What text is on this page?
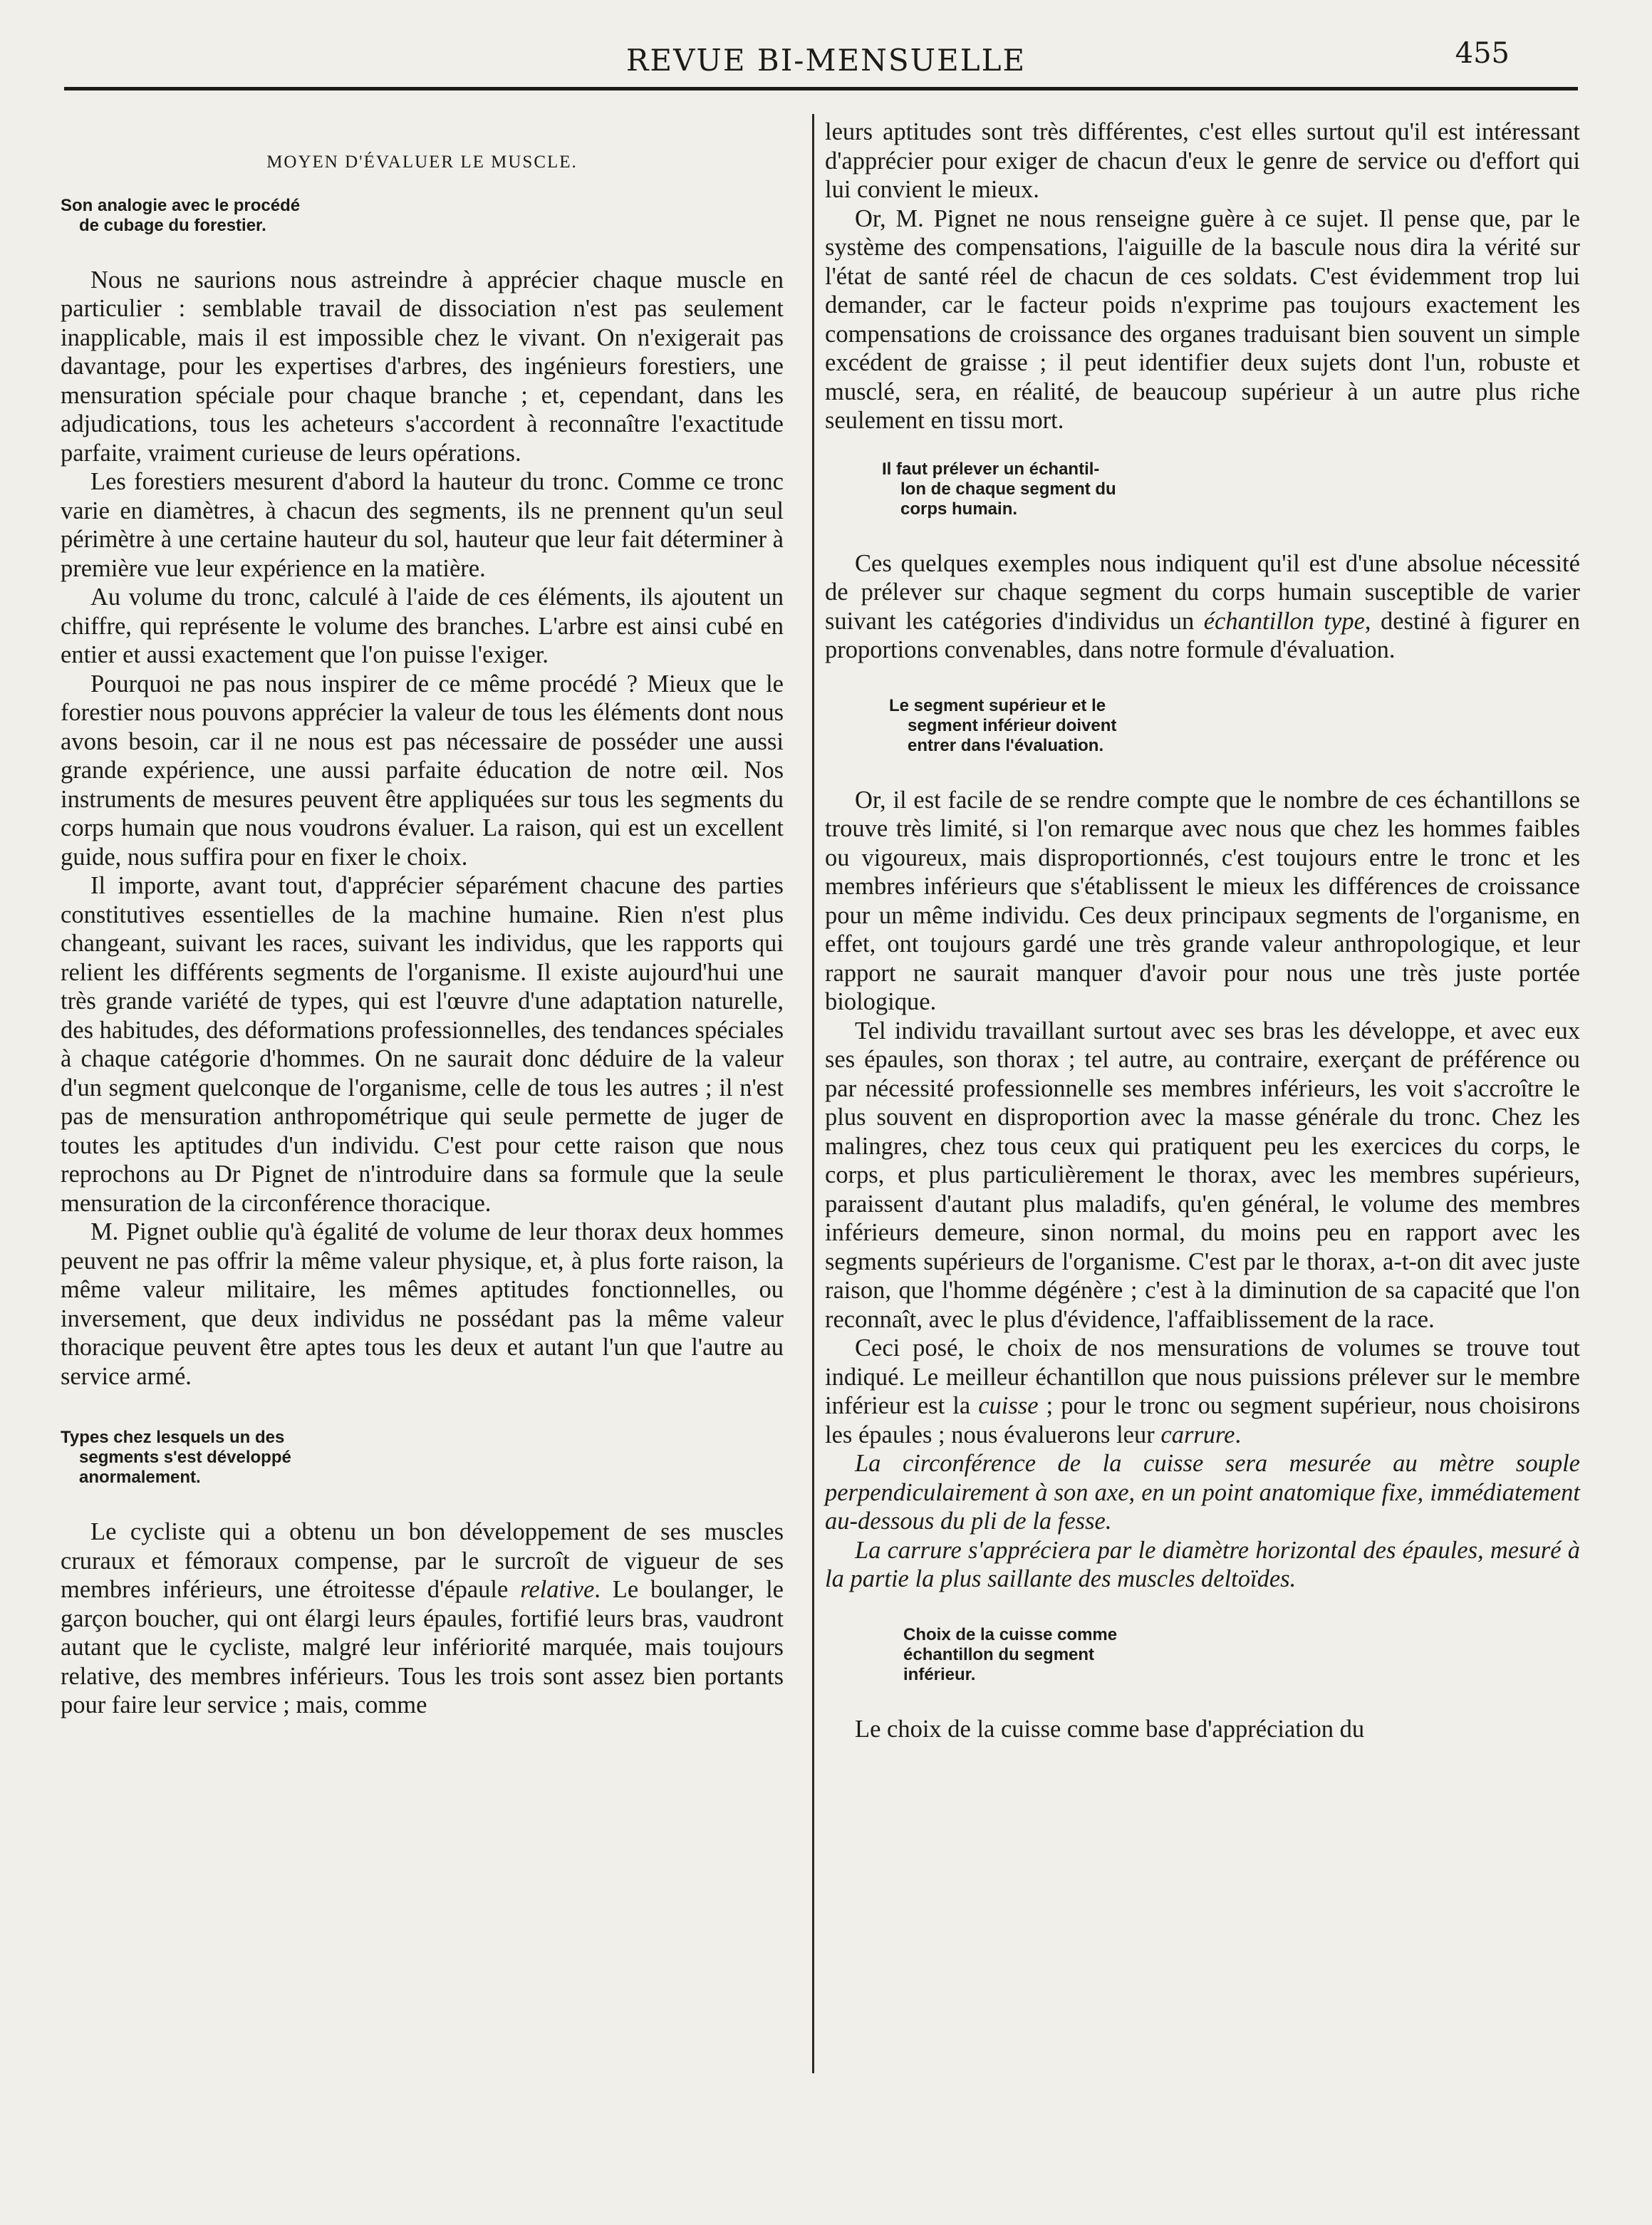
REVUE BI-MENSUELLE	455
MOYEN D'ÉVALUER LE MUSCLE.
Son analogie avec le procédé
de cubage du forestier.

Nous ne saurions nous astreindre à apprécier chaque muscle en particulier : semblable travail de dissociation n'est pas seulement inapplicable, mais il est impossible chez le vivant. On n'exigerait pas davantage, pour les expertises d'arbres, des ingénieurs forestiers, une mensuration spéciale pour chaque branche ; et, cependant, dans les adjudications, tous les acheteurs s'accordent à reconnaître l'exactitude parfaite, vraiment curieuse de leurs opérations.

Les forestiers mesurent d'abord la hauteur du tronc. Comme ce tronc varie en diamètres, à chacun des segments, ils ne prennent qu'un seul périmètre à une certaine hauteur du sol, hauteur que leur fait déterminer à première vue leur expérience en la matière.

Au volume du tronc, calculé à l'aide de ces éléments, ils ajoutent un chiffre, qui représente le volume des branches. L'arbre est ainsi cubé en entier et aussi exactement que l'on puisse l'exiger.

Pourquoi ne pas nous inspirer de ce même procédé ? Mieux que le forestier nous pouvons apprécier la valeur de tous les éléments dont nous avons besoin, car il ne nous est pas nécessaire de posséder une aussi grande expérience, une aussi parfaite éducation de notre œil. Nos instruments de mesures peuvent être appliquées sur tous les segments du corps humain que nous voudrons évaluer. La raison, qui est un excellent guide, nous suffira pour en fixer le choix.

Il importe, avant tout, d'apprécier séparément chacune des parties constitutives essentielles de la machine humaine. Rien n'est plus changeant, suivant les races, suivant les individus, que les rapports qui relient les différents segments de l'organisme. Il existe aujourd'hui une très grande variété de types, qui est l'œuvre d'une adaptation naturelle, des habitudes, des déformations professionnelles, des tendances spéciales à chaque catégorie d'hommes. On ne saurait donc déduire de la valeur d'un segment quelconque de l'organisme, celle de tous les autres ; il n'est pas de mensuration anthropométrique qui seule permette de juger de toutes les aptitudes d'un individu. C'est pour cette raison que nous reprochons au Dr Pignet de n'introduire dans sa formule que la seule mensuration de la circonférence thoracique.

M. Pignet oublie qu'à égalité de volume de leur thorax deux hommes peuvent ne pas offrir la même valeur physique, et, à plus forte raison, la même valeur militaire, les mêmes aptitudes fonctionnelles, ou inversement, que deux individus ne possédant pas la même valeur thoracique peuvent être aptes tous les deux et autant l'un que l'autre au service armé.

Types chez lesquels un des
segments s'est développé
anormalement.

Le cycliste qui a obtenu un bon développement de ses muscles cruraux et fémoraux compense, par le surcroît de vigueur de ses membres inférieurs, une étroitesse d'épaule relative. Le boulanger, le garçon boucher, qui ont élargi leurs épaules, fortifié leurs bras, vaudront autant que le cycliste, malgré leur infériorité marquée, mais toujours relative, des membres inférieurs. Tous les trois sont assez bien portants pour faire leur service ; mais, comme

leurs aptitudes sont très différentes, c'est elles surtout qu'il est intéressant d'apprécier pour exiger de chacun d'eux le genre de service ou d'effort qui lui convient le mieux.

Or, M. Pignet ne nous renseigne guère à ce sujet. Il pense que, par le système des compensations, l'aiguille de la bascule nous dira la vérité sur l'état de santé réel de chacun de ces soldats. C'est évidemment trop lui demander, car le facteur poids n'exprime pas toujours exactement les compensations de croissance des organes traduisant bien souvent un simple excédent de graisse ; il peut identifier deux sujets dont l'un, robuste et musclé, sera, en réalité, de beaucoup supérieur à un autre plus riche seulement en tissu mort.

Il faut prélever un échantil-
lon de chaque segment du
corps humain.

Ces quelques exemples nous indiquent qu'il est d'une absolue nécessité de prélever sur chaque segment du corps humain susceptible de varier suivant les catégories d'individus un échantillon type, destiné à figurer en proportions convenables, dans notre formule d'évaluation.

Le segment supérieur et le
segment inférieur doivent
entrer dans l'évaluation.

Or, il est facile de se rendre compte que le nombre de ces échantillons se trouve très limité, si l'on remarque avec nous que chez les hommes faibles ou vigoureux, mais disproportionnés, c'est toujours entre le tronc et les membres inférieurs que s'établissent le mieux les différences de croissance pour un même individu. Ces deux principaux segments de l'organisme, en effet, ont toujours gardé une très grande valeur anthropologique, et leur rapport ne saurait manquer d'avoir pour nous une très juste portée biologique.

Tel individu travaillant surtout avec ses bras les développe, et avec eux ses épaules, son thorax ; tel autre, au contraire, exerçant de préférence ou par nécessité professionnelle ses membres inférieurs, les voit s'accroître le plus souvent en disproportion avec la masse générale du tronc. Chez les malingres, chez tous ceux qui pratiquent peu les exercices du corps, le corps, et plus particulièrement le thorax, avec les membres supérieurs, paraissent d'autant plus maladifs, qu'en général, le volume des membres inférieurs demeure, sinon normal, du moins peu en rapport avec les segments supérieurs de l'organisme. C'est par le thorax, a-t-on dit avec juste raison, que l'homme dégénère ; c'est à la diminution de sa capacité que l'on reconnaît, avec le plus d'évidence, l'affaiblissement de la race.

Ceci posé, le choix de nos mensurations de volumes se trouve tout indiqué. Le meilleur échantillon que nous puissions prélever sur le membre inférieur est la cuisse ; pour le tronc ou segment supérieur, nous choisirons les épaules ; nous évaluerons leur carrure.

La circonférence de la cuisse sera mesurée au mètre souple perpendiculairement à son axe, en un point anatomique fixe, immédiatement au-dessous du pli de la fesse.

La carrure s'appréciera par le diamètre horizontal des épaules, mesuré à la partie la plus saillante des muscles deltoïdes.

Choix de la cuisse comme
échantillon du segment
inférieur.

Le choix de la cuisse comme base d'appréciation du
